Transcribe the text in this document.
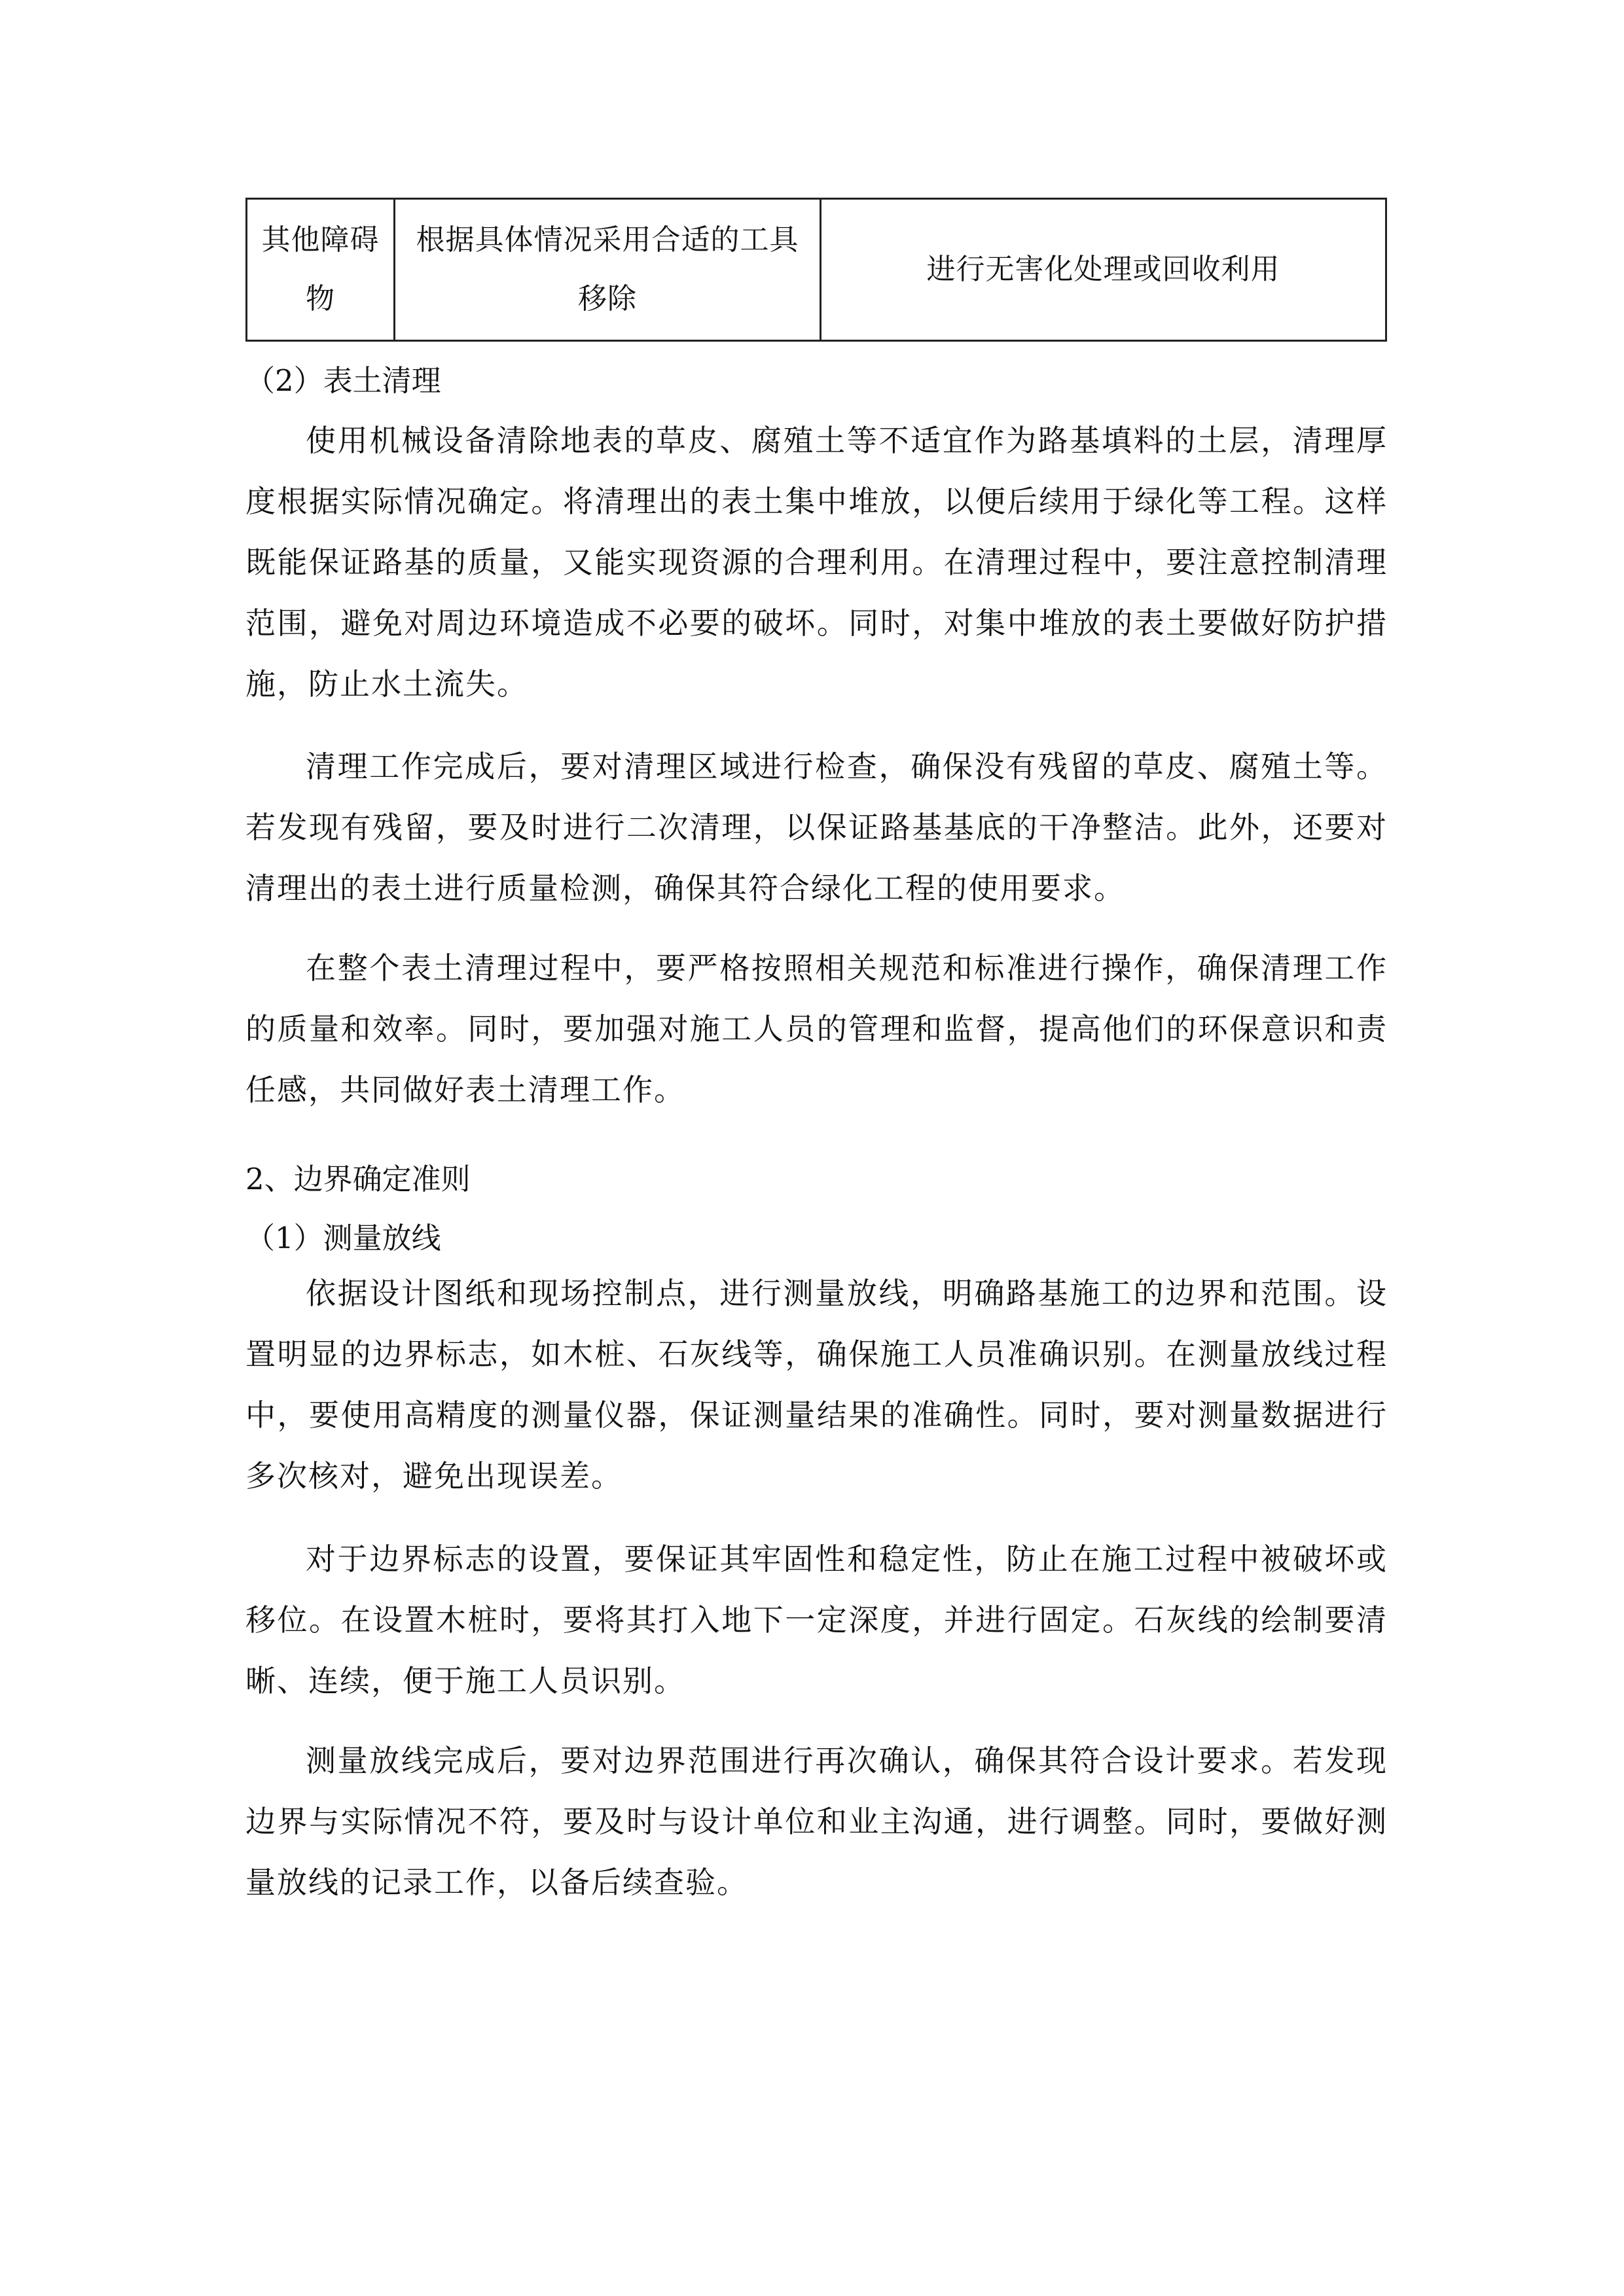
其他障碍物	根据具体情况采用合适的工具移除	进行无害化处理或回收利用
（2）表土清理
使用机械设备清除地表的草皮、腐殖土等不适宜作为路基填料的土层，清理厚度根据实际情况确定。将清理出的表土集中堆放，以便后续用于绿化等工程。这样既能保证路基的质量，又能实现资源的合理利用。在清理过程中，要注意控制清理范围，避免对周边环境造成不必要的破坏。同时，对集中堆放的表土要做好防护措施，防止水土流失。
清理工作完成后，要对清理区域进行检查，确保没有残留的草皮、腐殖土等。若发现有残留，要及时进行二次清理，以保证路基基底的干净整洁。此外，还要对清理出的表土进行质量检测，确保其符合绿化工程的使用要求。
在整个表土清理过程中，要严格按照相关规范和标准进行操作，确保清理工作的质量和效率。同时，要加强对施工人员的管理和监督，提高他们的环保意识和责任感，共同做好表土清理工作。
2、边界确定准则
（1）测量放线
依据设计图纸和现场控制点，进行测量放线，明确路基施工的边界和范围。设置明显的边界标志，如木桩、石灰线等，确保施工人员准确识别。在测量放线过程中，要使用高精度的测量仪器，保证测量结果的准确性。同时，要对测量数据进行多次核对，避免出现误差。
对于边界标志的设置，要保证其牢固性和稳定性，防止在施工过程中被破坏或移位。在设置木桩时，要将其打入地下一定深度，并进行固定。石灰线的绘制要清晰、连续，便于施工人员识别。
测量放线完成后，要对边界范围进行再次确认，确保其符合设计要求。若发现边界与实际情况不符，要及时与设计单位和业主沟通，进行调整。同时，要做好测量放线的记录工作，以备后续查验。
